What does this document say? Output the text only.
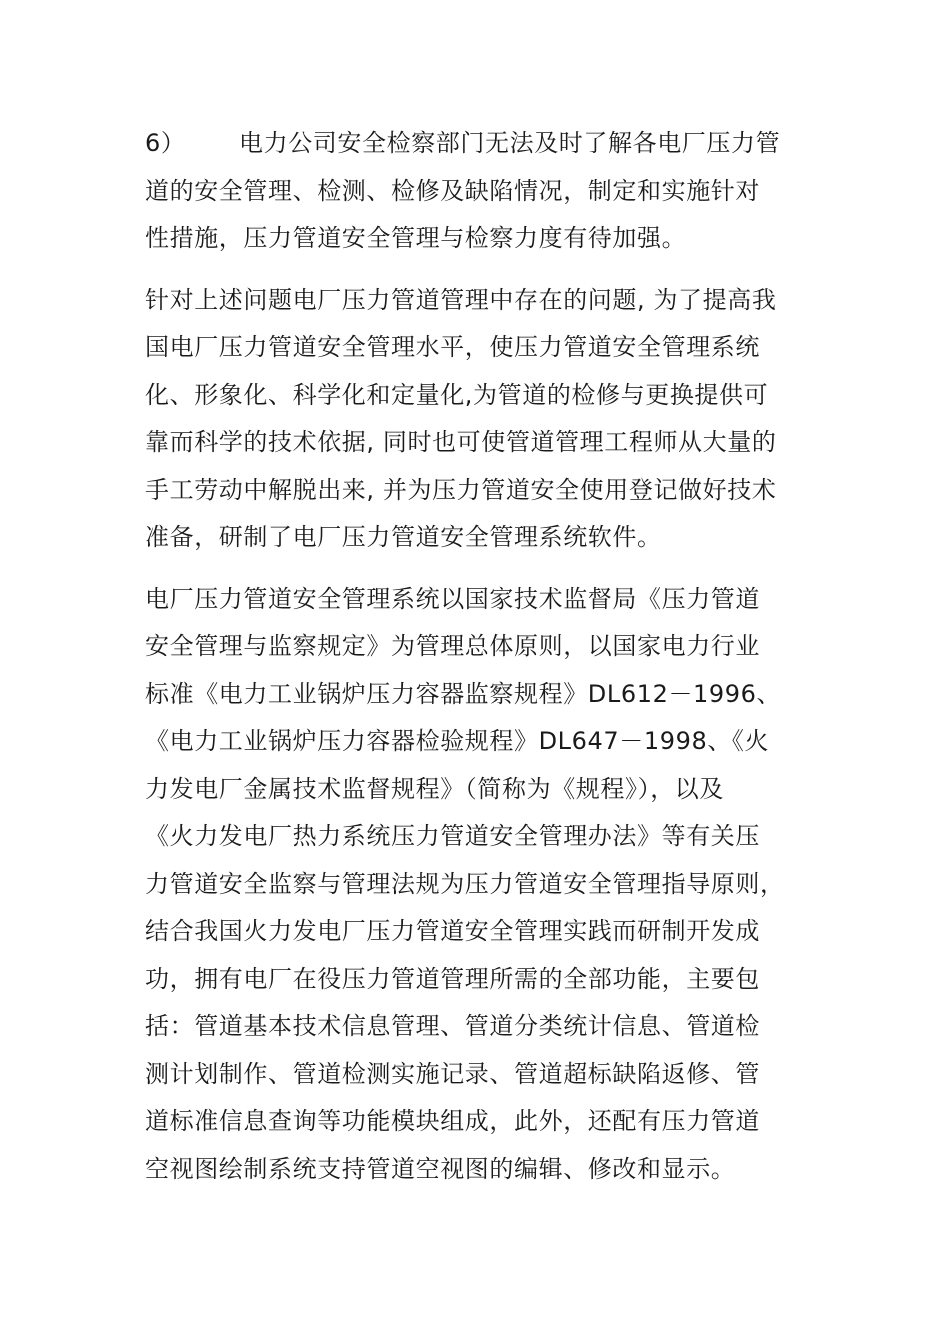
6） 电力公司安全检察部门无法及时了解各电厂压力管
道的安全管理、检测、检修及缺陷情况，制定和实施针对
性措施，压力管道安全管理与检察力度有待加强。
针对上述问题电厂压力管道管理中存在的问题, 为了提高我
国电厂压力管道安全管理水平，使压力管道安全管理系统
化、形象化、科学化和定量化,为管道的检修与更换提供可
靠而科学的技术依据, 同时也可使管道管理工程师从大量的
手工劳动中解脱出来, 并为压力管道安全使用登记做好技术
准备，研制了电厂压力管道安全管理系统软件。
电厂压力管道安全管理系统以国家技术监督局《压力管道
安全管理与监察规定》为管理总体原则，以国家电力行业
标准《电力工业锅炉压力容器监察规程》DL612－1996、
《电力工业锅炉压力容器检验规程》DL647－1998、《火
力发电厂金属技术监督规程》（简称为《规程》），以及
《火力发电厂热力系统压力管道安全管理办法》等有关压
力管道安全监察与管理法规为压力管道安全管理指导原则，
结合我国火力发电厂压力管道安全管理实践而研制开发成
功，拥有电厂在役压力管道管理所需的全部功能，主要包
括：管道基本技术信息管理、管道分类统计信息、管道检
测计划制作、管道检测实施记录、管道超标缺陷返修、管
道标准信息查询等功能模块组成，此外，还配有压力管道
空视图绘制系统支持管道空视图的编辑、修改和显示。
